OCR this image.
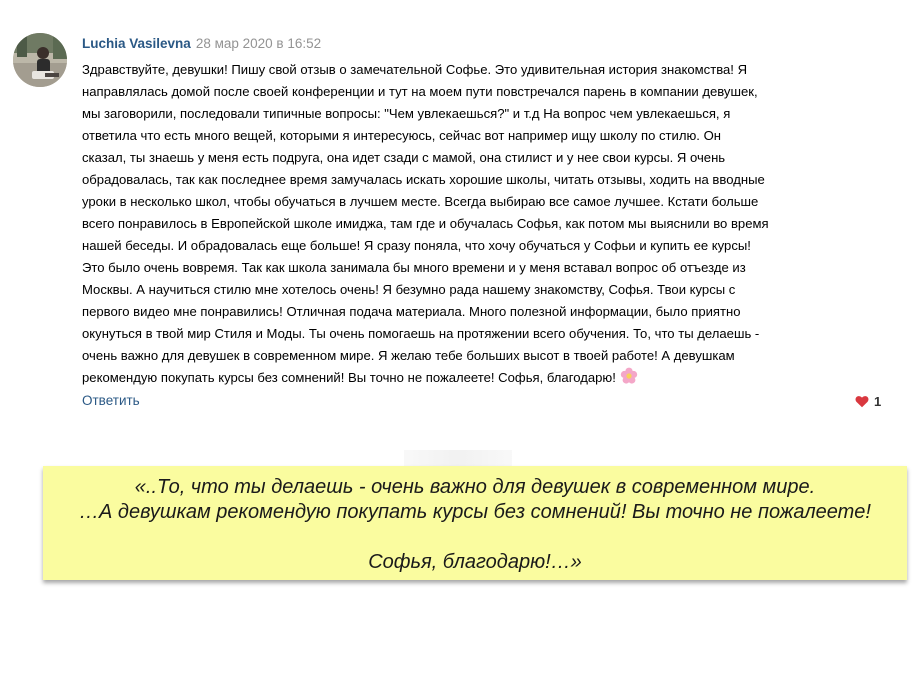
Luchia Vasilevna 28 мар 2020 в 16:52

Здравствуйте, девушки! Пишу свой отзыв о замечательной Софье. Это удивительная история знакомства! Я
направлялась домой после своей конференции и тут на моем пути повстречался парень в компании девушек,
мы заговорили, последовали типичные вопросы: "Чем увлекаешься?" и т.д На вопрос чем увлекаешься, я
ответила что есть много вещей, которыми я интересуюсь, сейчас вот например ищу школу по стилю. Он
сказал, ты знаешь у меня есть подруга, она идет сзади с мамой, она стилист и у нее свои курсы. Я очень
обрадовалась, так как последнее время замучалась искать хорошие школы, читать отзывы, ходить на вводные
уроки в несколько школ, чтобы обучаться в лучшем месте. Всегда выбираю все самое лучшее. Кстати больше
всего понравилось в Европейской школе имиджа, там где и обучалась Софья, как потом мы выяснили во время
нашей беседы. И обрадовалась еще больше! Я сразу поняла, что хочу обучаться у Софьи и купить ее курсы!
Это было очень вовремя. Так как школа занимала бы много времени и у меня вставал вопрос об отъезде из
Москвы. А научиться стилю мне хотелось очень! Я безумно рада нашему знакомству, Софья. Твои курсы с
первого видео мне понравились! Отличная подача материала. Много полезной информации, было приятно
окунуться в твой мир Стиля и Моды. Ты очень помогаешь на протяжении всего обучения. То, что ты делаешь -
очень важно для девушек в современном мире. Я желаю тебе больших высот в твоей работе! А девушкам
рекомендую покупать курсы без сомнений! Вы точно не пожалеете! Софья, благодарю!

Ответить	1
«..То, что ты делаешь - очень важно для девушек в современном мире.
…А девушкам рекомендую покупать курсы без сомнений! Вы точно не пожалеете!
Софья, благодарю!…»
